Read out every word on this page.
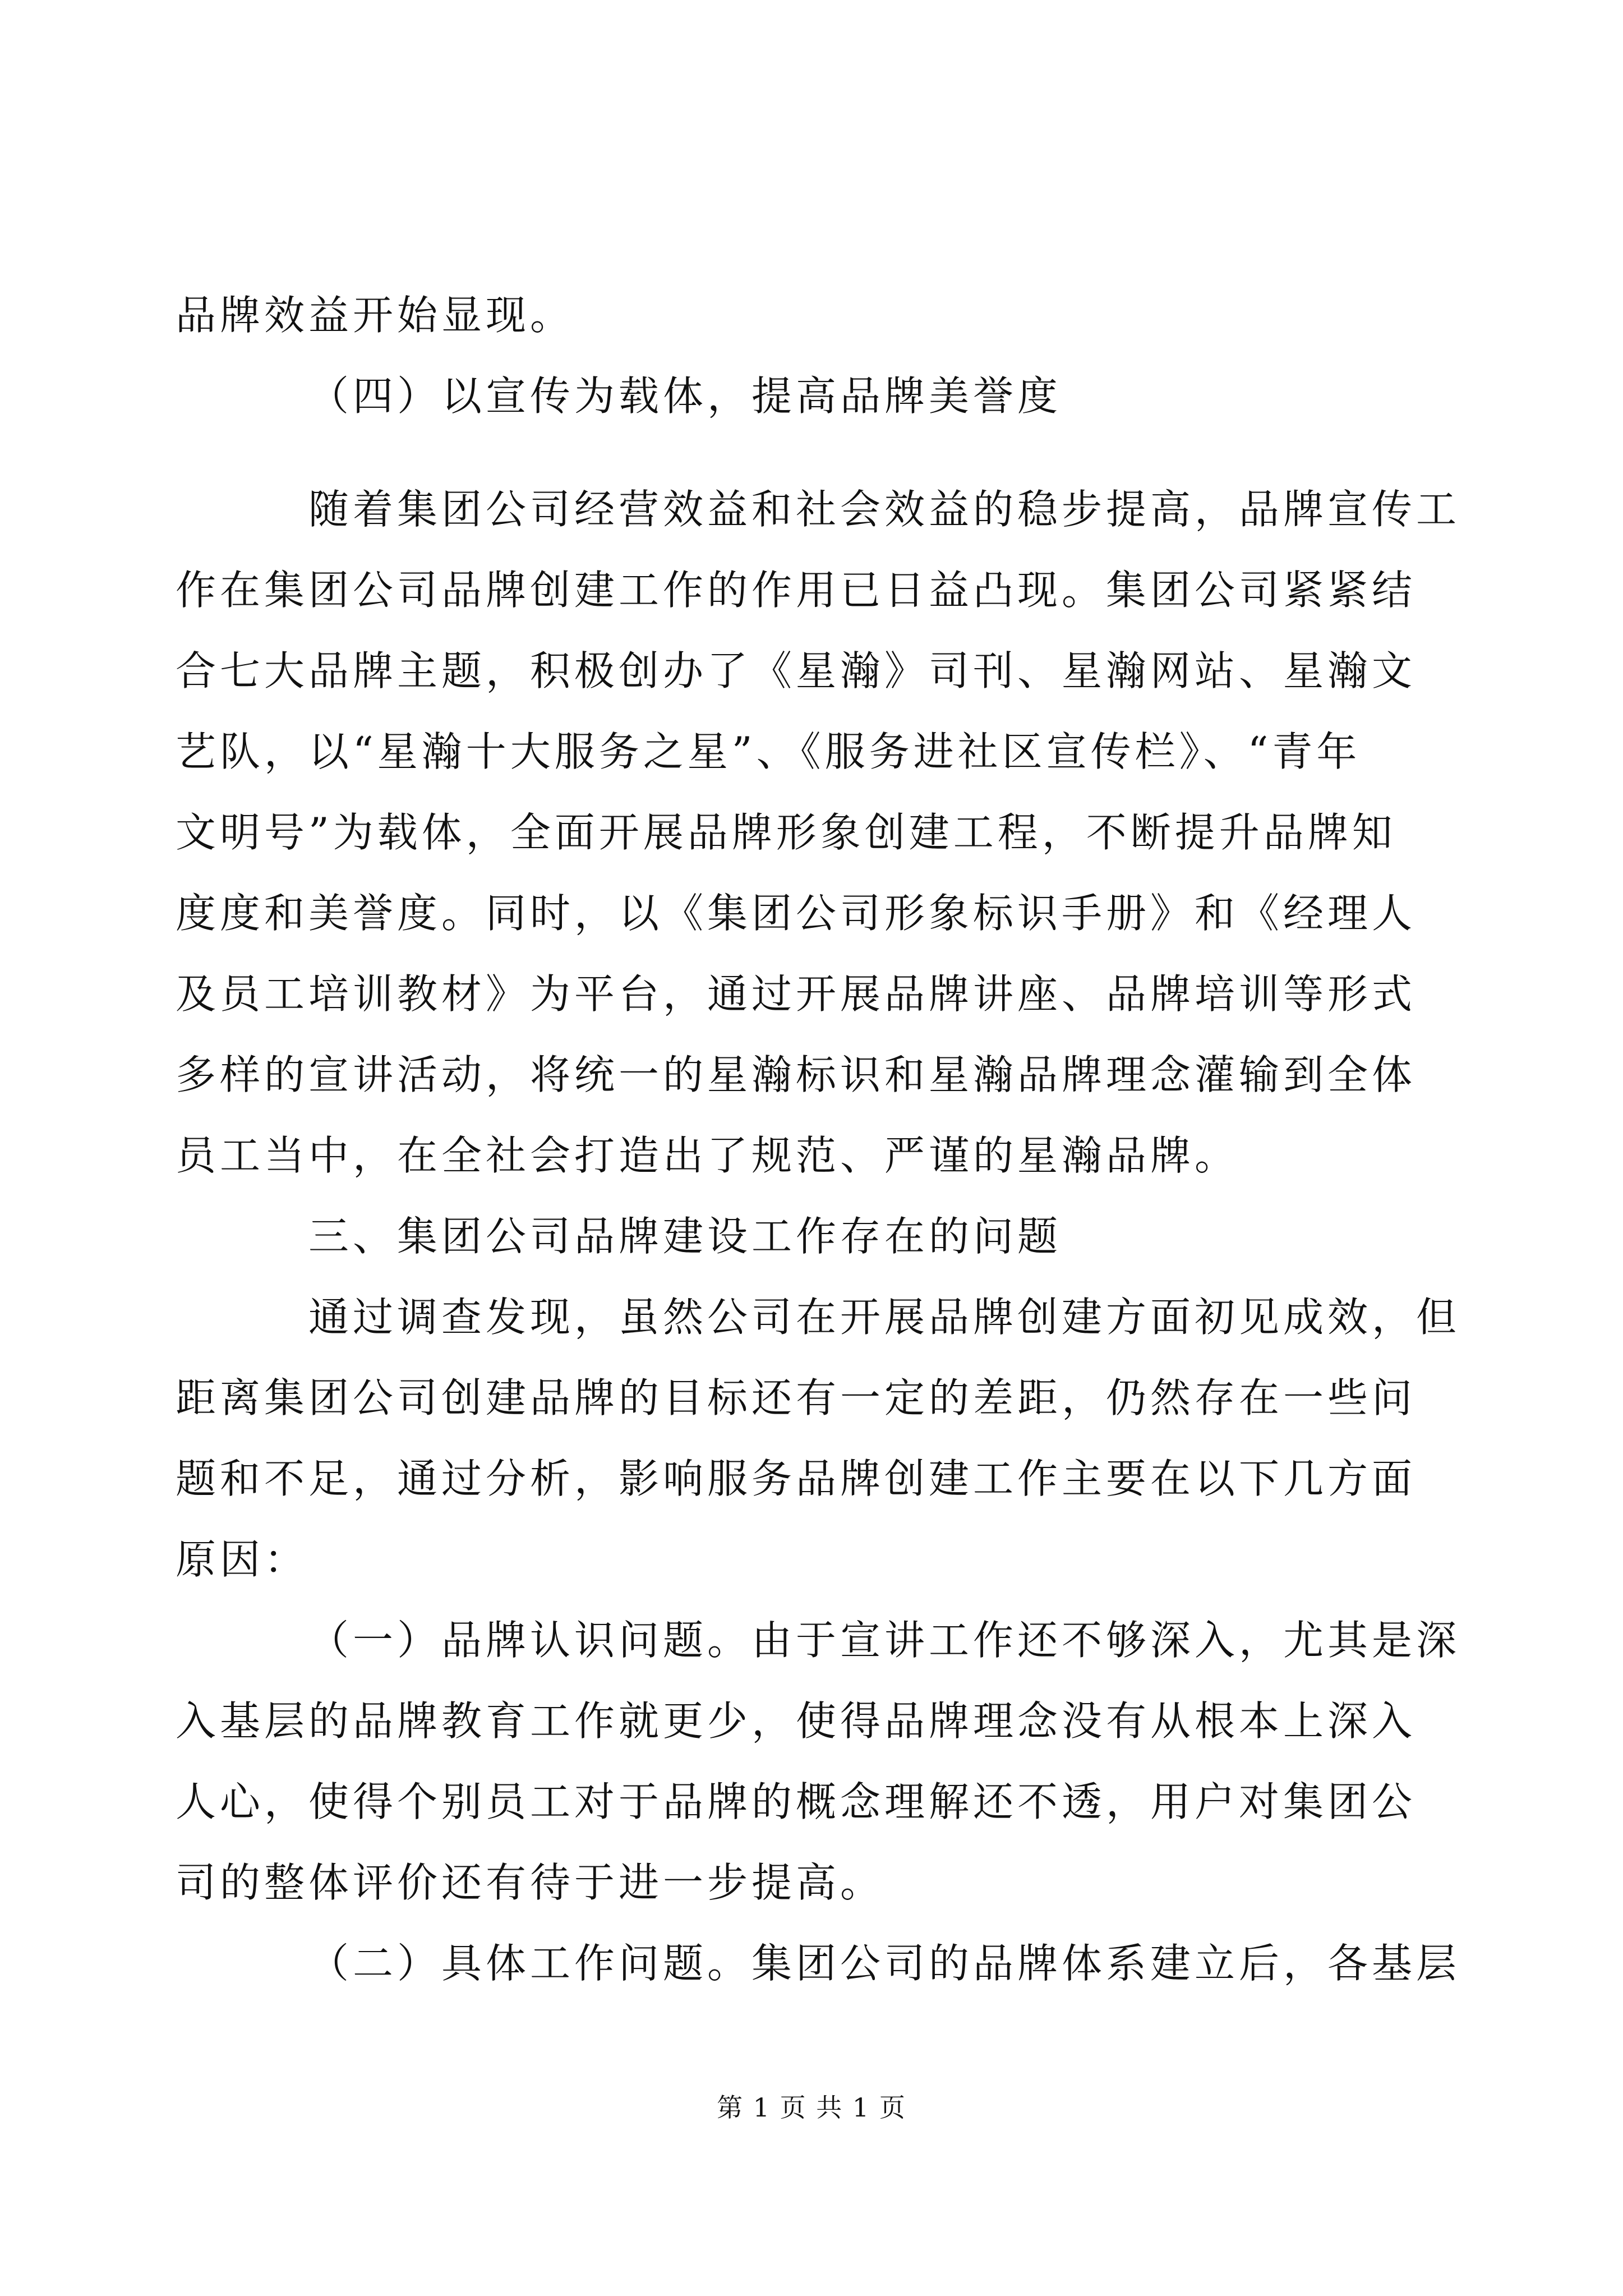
品牌效益开始显现。
（四）以宣传为载体，提高品牌美誉度
随着集团公司经营效益和社会效益的稳步提高，品牌宣传工
作在集团公司品牌创建工作的作用已日益凸现。集团公司紧紧结
合七大品牌主题，积极创办了《星瀚》司刊、星瀚网站、星瀚文
艺队，以“星瀚十大服务之星”、《服务进社区宣传栏》、“青年
文明号”为载体，全面开展品牌形象创建工程，不断提升品牌知
度度和美誉度。同时，以《集团公司形象标识手册》和《经理人
及员工培训教材》为平台，通过开展品牌讲座、品牌培训等形式
多样的宣讲活动，将统一的星瀚标识和星瀚品牌理念灌输到全体
员工当中，在全社会打造出了规范、严谨的星瀚品牌。
三、集团公司品牌建设工作存在的问题
通过调查发现，虽然公司在开展品牌创建方面初见成效，但
距离集团公司创建品牌的目标还有一定的差距，仍然存在一些问
题和不足，通过分析，影响服务品牌创建工作主要在以下几方面
原因：
（一）品牌认识问题。由于宣讲工作还不够深入，尤其是深
入基层的品牌教育工作就更少，使得品牌理念没有从根本上深入
人心，使得个别员工对于品牌的概念理解还不透，用户对集团公
司的整体评价还有待于进一步提高。
（二）具体工作问题。集团公司的品牌体系建立后，各基层
第 1 页 共 1 页
